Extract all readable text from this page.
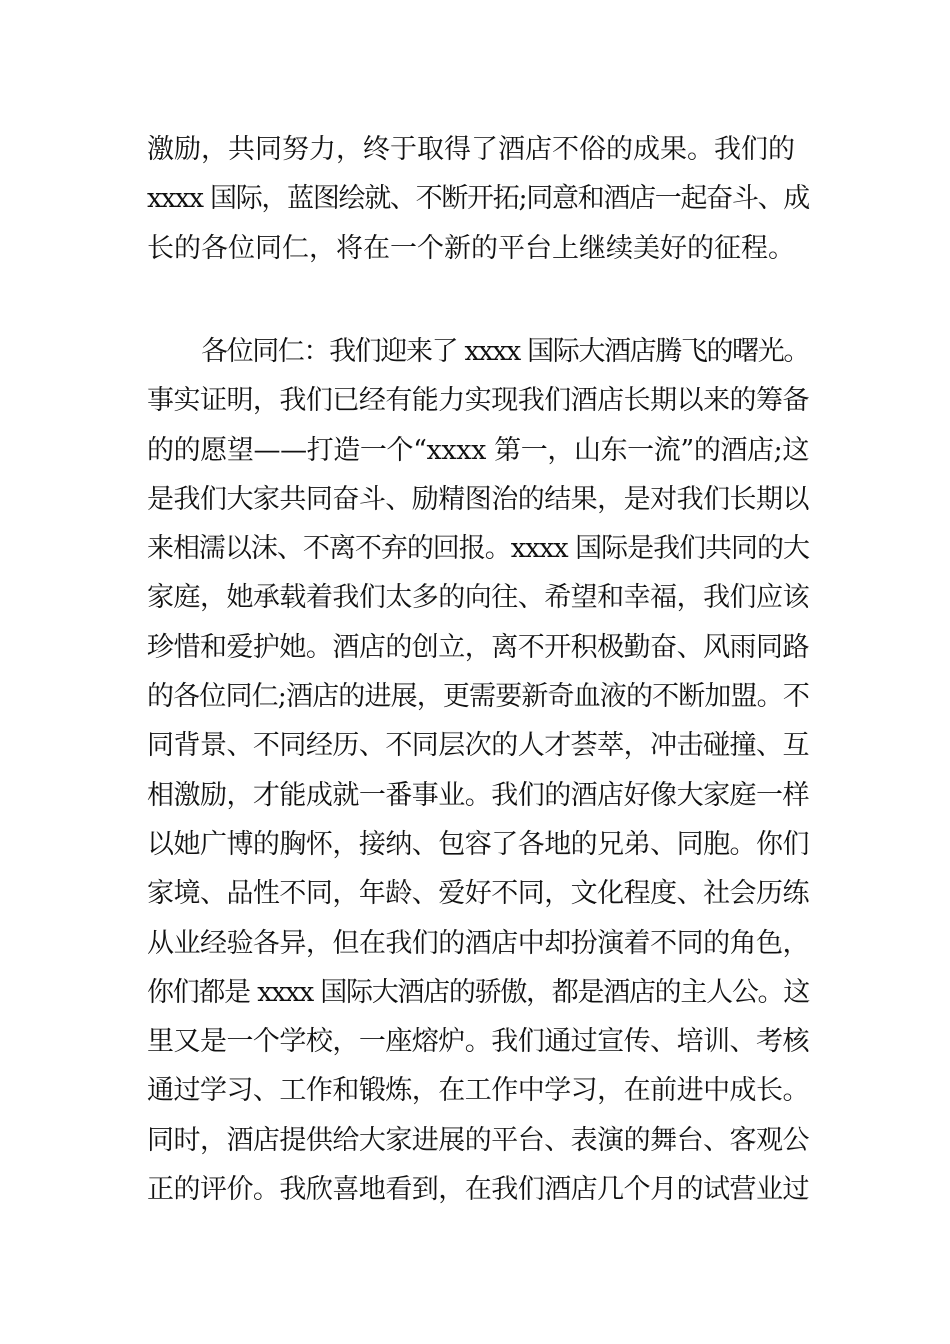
激励，共同努力，终于取得了酒店不俗的成果。我们的
xxxx 国际，蓝图绘就、不断开拓;同意和酒店一起奋斗、成
长的各位同仁，将在一个新的平台上继续美好的征程。
各位同仁：我们迎来了 xxxx 国际大酒店腾飞的曙光。
事实证明，我们已经有能力实现我们酒店长期以来的筹备
的的愿望——打造一个“xxxx 第一，山东一流”的酒店;这
是我们大家共同奋斗、励精图治的结果，是对我们长期以
来相濡以沫、不离不弃的回报。xxxx 国际是我们共同的大
家庭，她承载着我们太多的向往、希望和幸福，我们应该
珍惜和爱护她。酒店的创立，离不开积极勤奋、风雨同路
的各位同仁;酒店的进展，更需要新奇血液的不断加盟。不
同背景、不同经历、不同层次的人才荟萃，冲击碰撞、互
相激励，才能成就一番事业。我们的酒店好像大家庭一样
以她广博的胸怀，接纳、包容了各地的兄弟、同胞。你们
家境、品性不同，年龄、爱好不同，文化程度、社会历练
从业经验各异，但在我们的酒店中却扮演着不同的角色，
你们都是 xxxx 国际大酒店的骄傲，都是酒店的主人公。这
里又是一个学校，一座熔炉。我们通过宣传、培训、考核
通过学习、工作和锻炼，在工作中学习，在前进中成长。
同时，酒店提供给大家进展的平台、表演的舞台、客观公
正的评价。我欣喜地看到，在我们酒店几个月的试营业过
